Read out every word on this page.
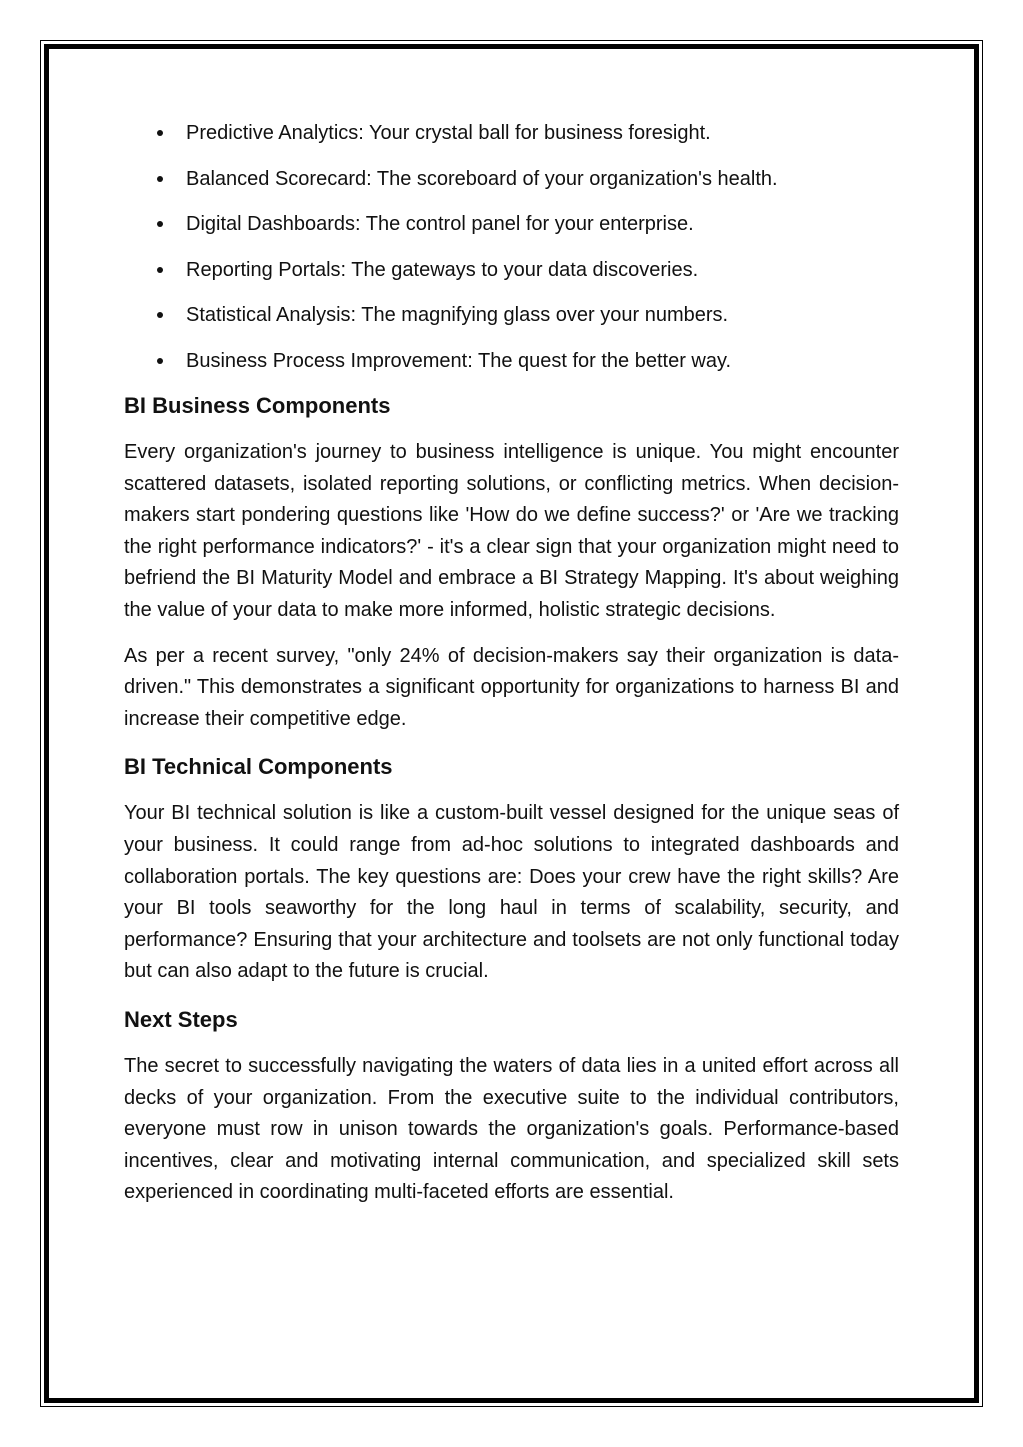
Predictive Analytics: Your crystal ball for business foresight.
Balanced Scorecard: The scoreboard of your organization's health.
Digital Dashboards: The control panel for your enterprise.
Reporting Portals: The gateways to your data discoveries.
Statistical Analysis: The magnifying glass over your numbers.
Business Process Improvement: The quest for the better way.
BI Business Components

Every organization's journey to business intelligence is unique. You might encounter scattered datasets, isolated reporting solutions, or conflicting metrics. When decision-makers start pondering questions like 'How do we define success?' or 'Are we tracking the right performance indicators?' - it's a clear sign that your organization might need to befriend the BI Maturity Model and embrace a BI Strategy Mapping. It's about weighing the value of your data to make more informed, holistic strategic decisions.

As per a recent survey, "only 24% of decision-makers say their organization is data-driven." This demonstrates a significant opportunity for organizations to harness BI and increase their competitive edge.

BI Technical Components

Your BI technical solution is like a custom-built vessel designed for the unique seas of your business. It could range from ad-hoc solutions to integrated dashboards and collaboration portals. The key questions are: Does your crew have the right skills? Are your BI tools seaworthy for the long haul in terms of scalability, security, and performance? Ensuring that your architecture and toolsets are not only functional today but can also adapt to the future is crucial.

Next Steps

The secret to successfully navigating the waters of data lies in a united effort across all decks of your organization. From the executive suite to the individual contributors, everyone must row in unison towards the organization's goals. Performance-based incentives, clear and motivating internal communication, and specialized skill sets experienced in coordinating multi-faceted efforts are essential.
